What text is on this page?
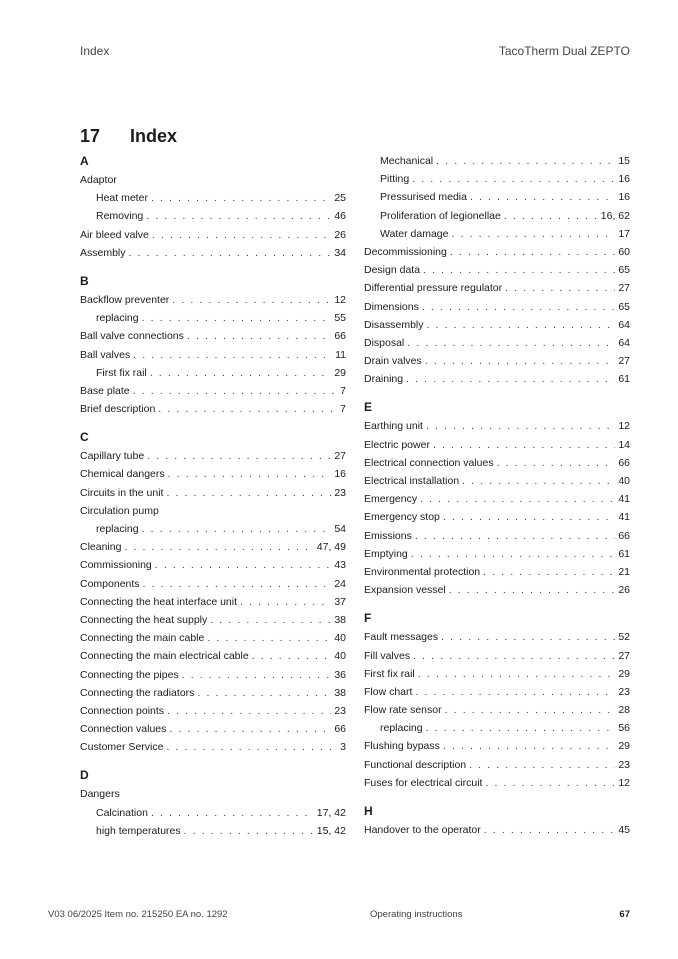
Index	TacoTherm Dual ZEPTO
17 Index
A
Adaptor
Heat meter . . .	25
Removing . . .	46
Air bleed valve . . .	26
Assembly . . .	34
B
Backflow preventer . . .	12
replacing . . .	55
Ball valve connections . . .	66
Ball valves . . .	11
First fix rail . . .	29
Base plate . . .	7
Brief description . . .	7
C
Capillary tube . . .	27
Chemical dangers . . .	16
Circuits in the unit . . .	23
Circulation pump
replacing . . .	54
Cleaning . . .	47, 49
Commissioning . . .	43
Components . . .	24
Connecting the heat interface unit . . .	37
Connecting the heat supply . . .	38
Connecting the main cable . . .	40
Connecting the main electrical cable . . .	40
Connecting the pipes . . .	36
Connecting the radiators . . .	38
Connection points . . .	23
Connection values . . .	66
Customer Service . . .	3
D
Dangers
Calcination . . .	17, 42
high temperatures . . .	15, 42
Mechanical . . .	15
Pitting . . .	16
Pressurised media . . .	16
Proliferation of legionellae . . .	16, 62
Water damage . . .	17
Decommissioning . . .	60
Design data . . .	65
Differential pressure regulator . . .	27
Dimensions . . .	65
Disassembly . . .	64
Disposal . . .	64
Drain valves . . .	27
Draining . . .	61
E
Earthing unit . . .	12
Electric power . . .	14
Electrical connection values . . .	66
Electrical installation . . .	40
Emergency . . .	41
Emergency stop . . .	41
Emissions . . .	66
Emptying . . .	61
Environmental protection . . .	21
Expansion vessel . . .	26
F
Fault messages . . .	52
Fill valves . . .	27
First fix rail . . .	29
Flow chart . . .	23
Flow rate sensor . . .	28
replacing . . .	56
Flushing bypass . . .	29
Functional description . . .	23
Fuses for electrical circuit . . .	12
H
Handover to the operator . . .	45
V03 06/2025 Item no. 215250 EA no. 1292	Operating instructions	67
